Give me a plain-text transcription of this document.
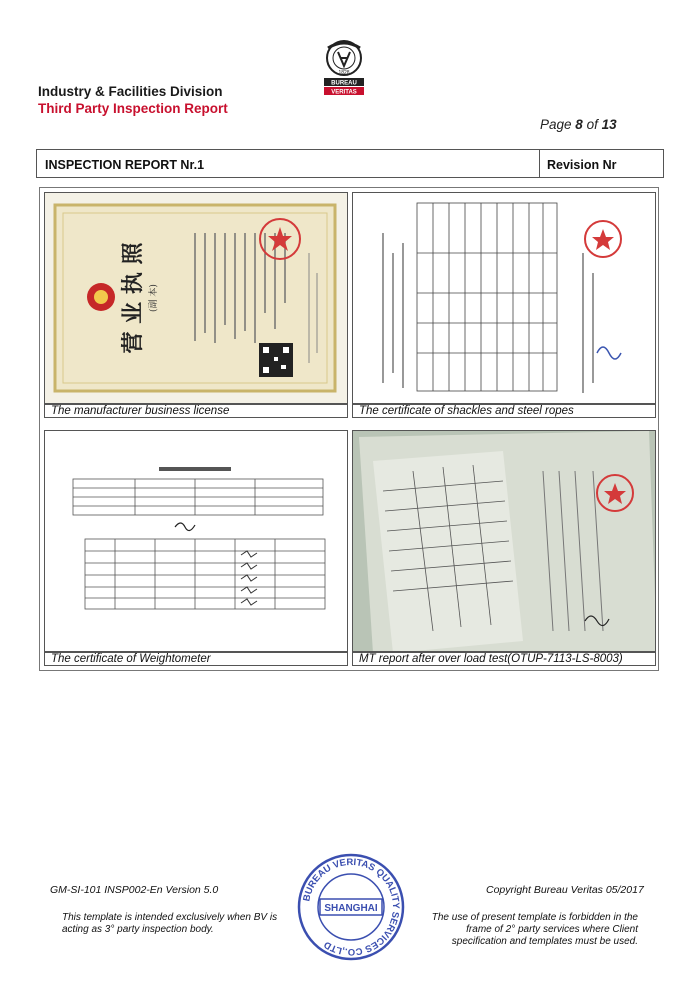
BUREAU
VERITAS
1828
Industry & Facilities Division
Third Party Inspection Report
Page 8 of 13
INSPECTION REPORT Nr.1	Revision Nr
营 业 执 照 (副 本)
The manufacturer business license	The certificate of shackles and steel ropes
The certificate of Weightometer	MT report after over load test(OTUP-7113-LS-8003)
GM-SI-101 INSP002-En Version 5.0	Copyright Bureau Veritas 05/2017
This template is intended exclusively when BV is acting as 3° party inspection body.
The use of present template is forbidden in the frame of 2° party services where Client specification and templates must be used.
BUREAU VERITAS QUALITY SERVICES CO.,LTD
SHANGHAI
